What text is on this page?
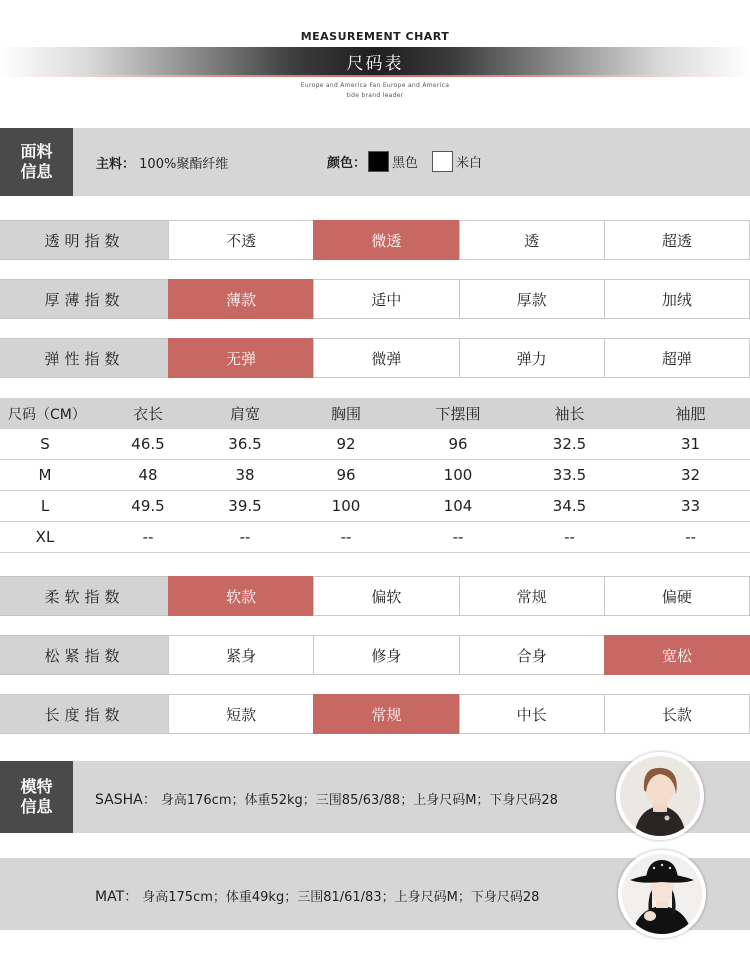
MEASUREMENT CHART
尺码表
Europe and America Fan Europe and America
tide brand leader
面料
信息	主料： 100%聚酯纤维	颜色： 黑色	米白
透明指数	不透	微透	透	超透
厚薄指数	薄款	适中	厚款	加绒
弹性指数	无弹	微弹	弹力	超弹
尺码（CM）	衣长	肩宽	胸围	下摆围	袖长	袖肥
S	46.5	36.5	92	96	32.5	31
M	48	38	96	100	33.5	32
L	49.5	39.5	100	104	34.5	33
XL	--	--	--	--	--	--
柔软指数	软款	偏软	常规	偏硬
松紧指数	紧身	修身	合身	宽松
长度指数	短款	常规	中长	长款
模特
信息	SASHA： 身高176cm；体重52kg；三围85/63/88；上身尺码M；下身尺码28
MAT： 身高175cm；体重49kg；三围81/61/83；上身尺码M；下身尺码28
